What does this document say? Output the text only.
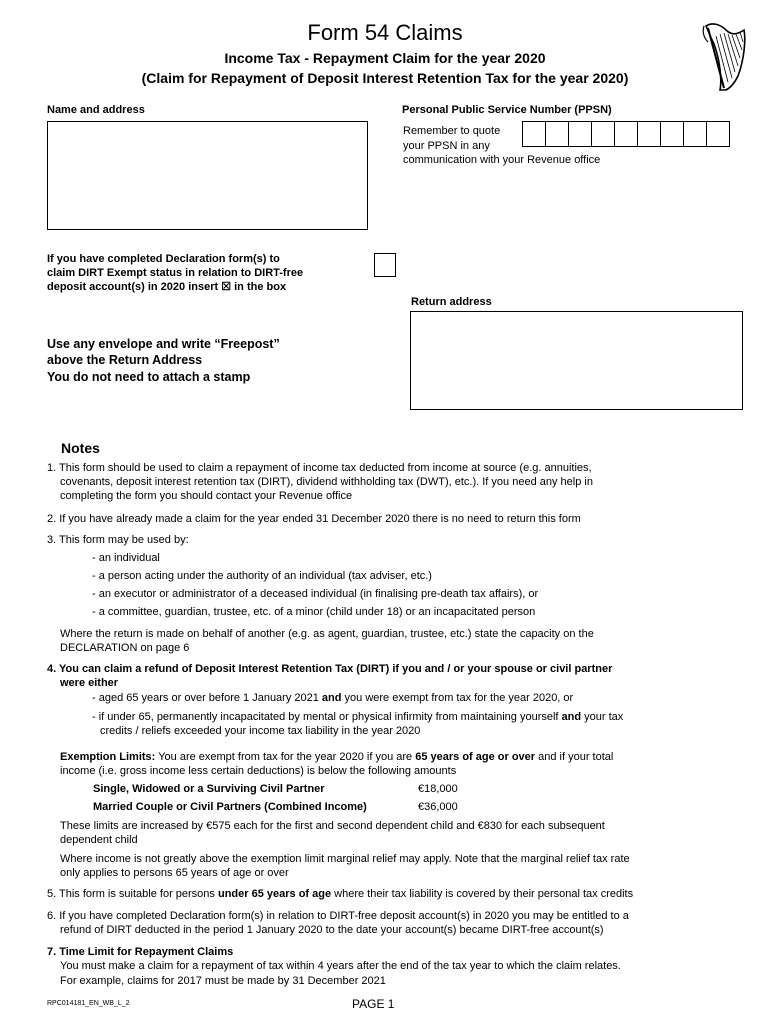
Form 54 Claims
Income Tax - Repayment Claim for the year 2020
(Claim for Repayment of Deposit Interest Retention Tax for the year 2020)
Name and address	Personal Public Service Number (PPSN)
Remember to quote
your PPSN in any
communication with your Revenue office
If you have completed Declaration form(s) to
claim DIRT Exempt status in relation to DIRT-free
deposit account(s) in 2020 insert ☒ in the box
Return address
Use any envelope and write “Freepost”
above the Return Address
You do not need to attach a stamp
Notes
1. This form should be used to claim a repayment of income tax deducted from income at source (e.g. annuities,
covenants, deposit interest retention tax (DIRT), dividend withholding tax (DWT), etc.). If you need any help in
completing the form you should contact your Revenue office
2. If you have already made a claim for the year ended 31 December 2020 there is no need to return this form
3. This form may be used by:
- an individual
- a person acting under the authority of an individual (tax adviser, etc.)
- an executor or administrator of a deceased individual (in finalising pre-death tax affairs), or
- a committee, guardian, trustee, etc. of a minor (child under 18) or an incapacitated person
Where the return is made on behalf of another (e.g. as agent, guardian, trustee, etc.) state the capacity on the
DECLARATION on page 6
4. You can claim a refund of Deposit Interest Retention Tax (DIRT) if you and / or your spouse or civil partner
were either
- aged 65 years or over before 1 January 2021 and you were exempt from tax for the year 2020, or
- if under 65, permanently incapacitated by mental or physical infirmity from maintaining yourself and your tax
credits / reliefs exceeded your income tax liability in the year 2020
Exemption Limits: You are exempt from tax for the year 2020 if you are 65 years of age or over and if your total
income (i.e. gross income less certain deductions) is below the following amounts
Single, Widowed or a Surviving Civil Partner	€18,000
Married Couple or Civil Partners (Combined Income)	€36,000
These limits are increased by €575 each for the first and second dependent child and €830 for each subsequent
dependent child
Where income is not greatly above the exemption limit marginal relief may apply. Note that the marginal relief tax rate
only applies to persons 65 years of age or over
5. This form is suitable for persons under 65 years of age where their tax liability is covered by their personal tax credits
6. If you have completed Declaration form(s) in relation to DIRT-free deposit account(s) in 2020 you may be entitled to a
refund of DIRT deducted in the period 1 January 2020 to the date your account(s) became DIRT-free account(s)
7. Time Limit for Repayment Claims
You must make a claim for a repayment of tax within 4 years after the end of the tax year to which the claim relates.
For example, claims for 2017 must be made by 31 December 2021
RPC014181_EN_WB_L_2	PAGE 1
